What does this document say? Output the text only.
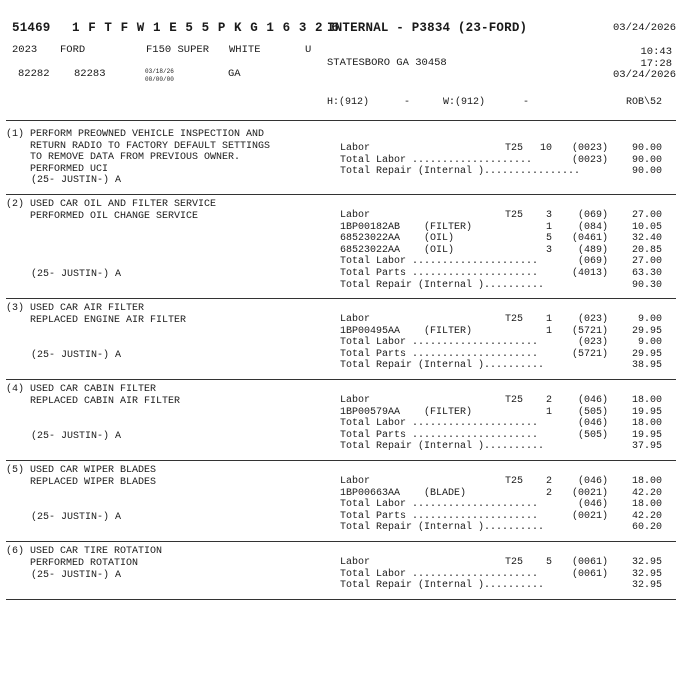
51469 1 F T F W 1 E 5 5 P K G 1 6 3 2 6
INTERNAL - P3834 (23-FORD)	03/24/2026
2023 FORD	F150 SUPER WHITE	U	10:43
STATESBORO GA 30458	17:28
82282 82283	03/18/26
00/00/00	GA	03/24/2026
H:(912)	-	W:(912)	-	ROB\52
(1) PERFORM PREOWNED VEHICLE INSPECTION AND
RETURN RADIO TO FACTORY DEFAULT SETTINGS
TO REMOVE DATA FROM PREVIOUS OWNER.
PERFORMED UCI
Labor	T25 10	(0023)	90.00
Total Labor ....................	(0023)	90.00
Total Repair (Internal )................	90.00
(25- JUSTIN-) A
(2) USED CAR OIL AND FILTER SERVICE
PERFORMED OIL CHANGE SERVICE	Labor	T25	3	(069)	27.00
1BP00182AB    (FILTER)	1	(084)	10.05
68523022AA    (OIL)	5	(0461)	32.40
68523022AA    (OIL)	3	(489)	20.85
Total Labor .....................	(069)	27.00
Total Parts .....................	(4013)	63.30
Total Repair (Internal )..........	90.30
(25- JUSTIN-) A
(3) USED CAR AIR FILTER
REPLACED ENGINE AIR FILTER	Labor	T25	1	(023)	9.00
1BP00495AA    (FILTER)	1	(5721)	29.95
Total Labor .....................	(023)	9.00
Total Parts .....................	(5721)	29.95
Total Repair (Internal )..........	38.95
(25- JUSTIN-) A
(4) USED CAR CABIN FILTER
REPLACED CABIN AIR FILTER	Labor	T25	2	(046)	18.00
1BP00579AA    (FILTER)	1	(505)	19.95
Total Labor .....................	(046)	18.00
Total Parts .....................	(505)	19.95
Total Repair (Internal )..........	37.95
(25- JUSTIN-) A
(5) USED CAR WIPER BLADES
REPLACED WIPER BLADES	Labor	T25	2	(046)	18.00
1BP00663AA    (BLADE)	2	(0021)	42.20
Total Labor .....................	(046)	18.00
Total Parts .....................	(0021)	42.20
Total Repair (Internal )..........	60.20
(25- JUSTIN-) A
(6) USED CAR TIRE ROTATION
PERFORMED ROTATION	Labor	T25	5	(0061)	32.95
Total Labor .....................	(0061)	32.95
Total Repair (Internal )..........	32.95
(25- JUSTIN-) A
